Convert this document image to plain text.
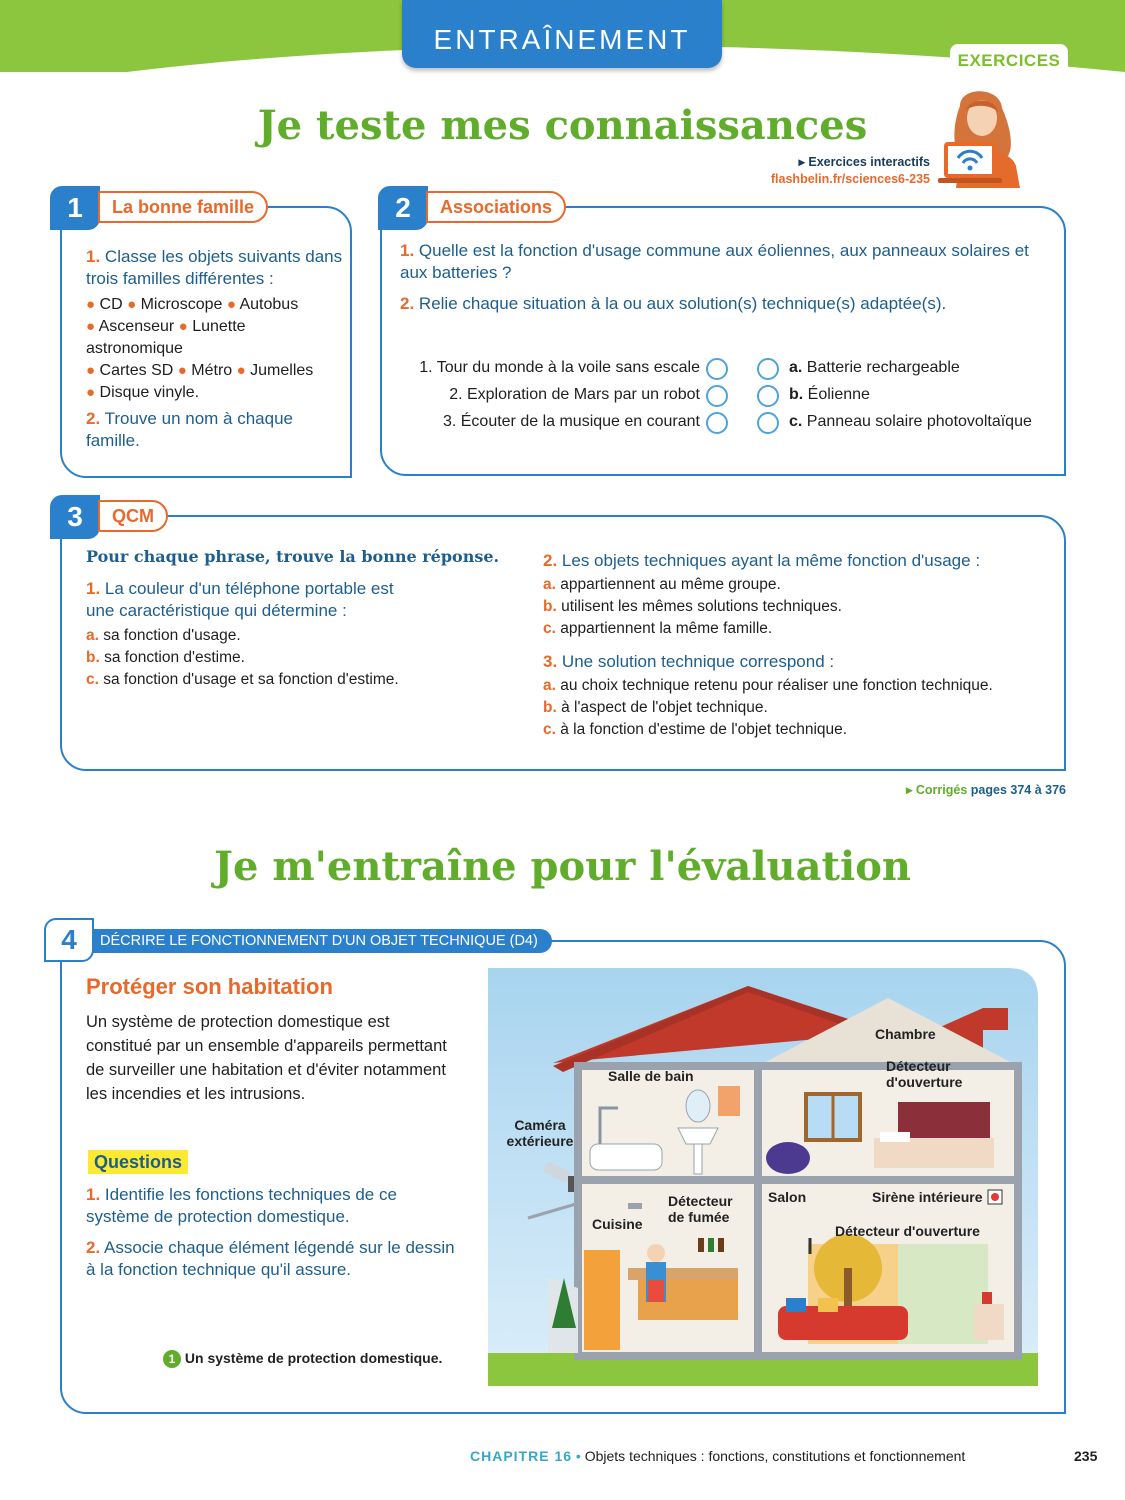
ENTRAÎNEMENT
EXERCICES
Je teste mes connaissances
▸ Exercices interactifs
flashbelin.fr/sciences6-235
1	La bonne famille
1. Classe les objets suivants dans trois familles différentes :
● CD ● Microscope ● Autobus
● Ascenseur ● Lunette astronomique
● Cartes SD ● Métro ● Jumelles
● Disque vinyle.
2. Trouve un nom à chaque famille.
2	Associations
1. Quelle est la fonction d'usage commune aux éoliennes, aux panneaux solaires et aux batteries ?
2. Relie chaque situation à la ou aux solution(s) technique(s) adaptée(s).
1. Tour du monde à la voile sans escale
2. Exploration de Mars par un robot
3. Écouter de la musique en courant
a. Batterie rechargeable
b. Éolienne
c. Panneau solaire photovoltaïque
3	QCM
Pour chaque phrase, trouve la bonne réponse.
1. La couleur d'un téléphone portable est une caractéristique qui détermine :
a. sa fonction d'usage.
b. sa fonction d'estime.
c. sa fonction d'usage et sa fonction d'estime.
2. Les objets techniques ayant la même fonction d'usage :
a. appartiennent au même groupe.
b. utilisent les mêmes solutions techniques.
c. appartiennent la même famille.
3. Une solution technique correspond :
a. au choix technique retenu pour réaliser une fonction technique.
b. à l'aspect de l'objet technique.
c. à la fonction d'estime de l'objet technique.
▸ Corrigés pages 374 à 376
Je m'entraîne pour l'évaluation
4	DÉCRIRE LE FONCTIONNEMENT D'UN OBJET TECHNIQUE (D4)
Protéger son habitation
Un système de protection domestique est constitué par un ensemble d'appareils permettant de surveiller une habitation et d'éviter notamment les incendies et les intrusions.
Questions
1. Identifie les fonctions techniques de ce système de protection domestique.
2. Associe chaque élément légendé sur le dessin à la fonction technique qu'il assure.
1 Un système de protection domestique.
Chambre
Détecteur d'ouverture
Salle de bain
Caméra extérieure
Détecteur de fumée
Cuisine
Salon	Sirène intérieure
Détecteur d'ouverture
CHAPITRE 16 • Objets techniques : fonctions, constitutions et fonctionnement	235
